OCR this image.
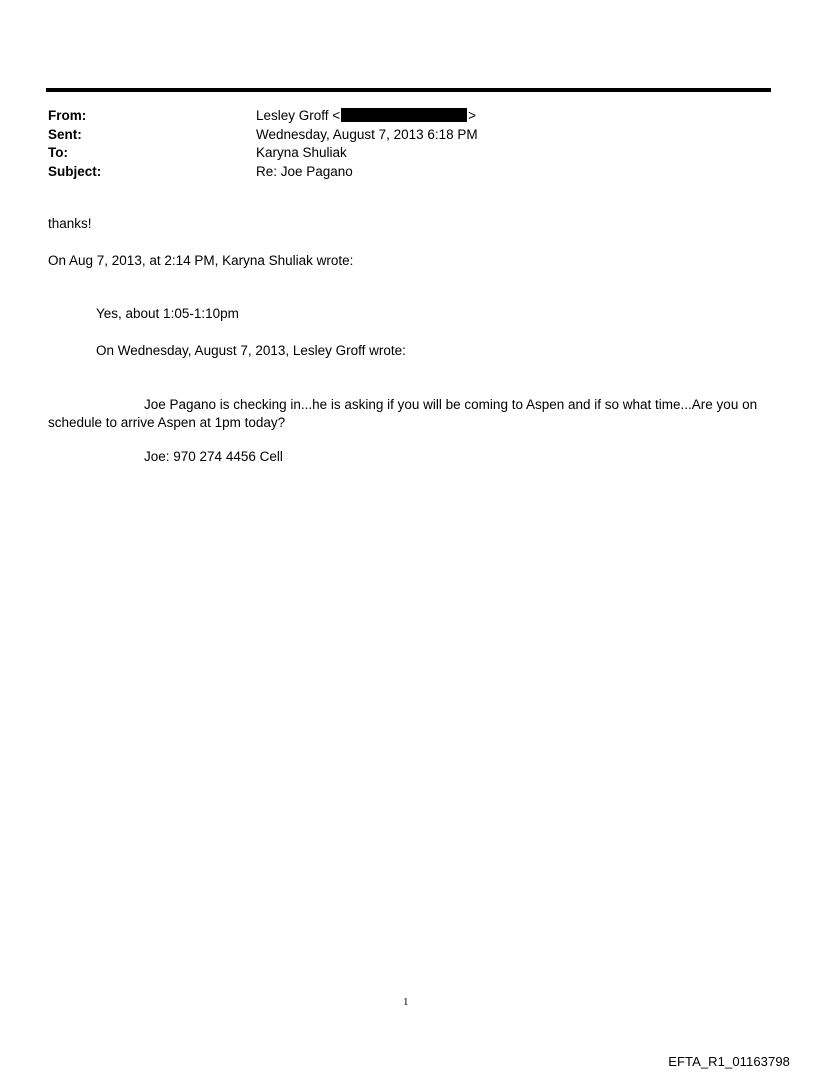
From:	Lesley Groff <	>
Sent:	Wednesday, August 7, 2013 6:18 PM
To:	Karyna Shuliak
Subject:	Re: Joe Pagano
thanks!
On Aug 7, 2013, at 2:14 PM, Karyna Shuliak wrote:
Yes, about 1:05-1:10pm
On Wednesday, August 7, 2013, Lesley Groff wrote:
Joe Pagano is checking in...he is asking if you will be coming to Aspen and if so what time...Are you on schedule to arrive Aspen at 1pm today?
Joe: 970 274 4456 Cell
1
EFTA_R1_01163798
